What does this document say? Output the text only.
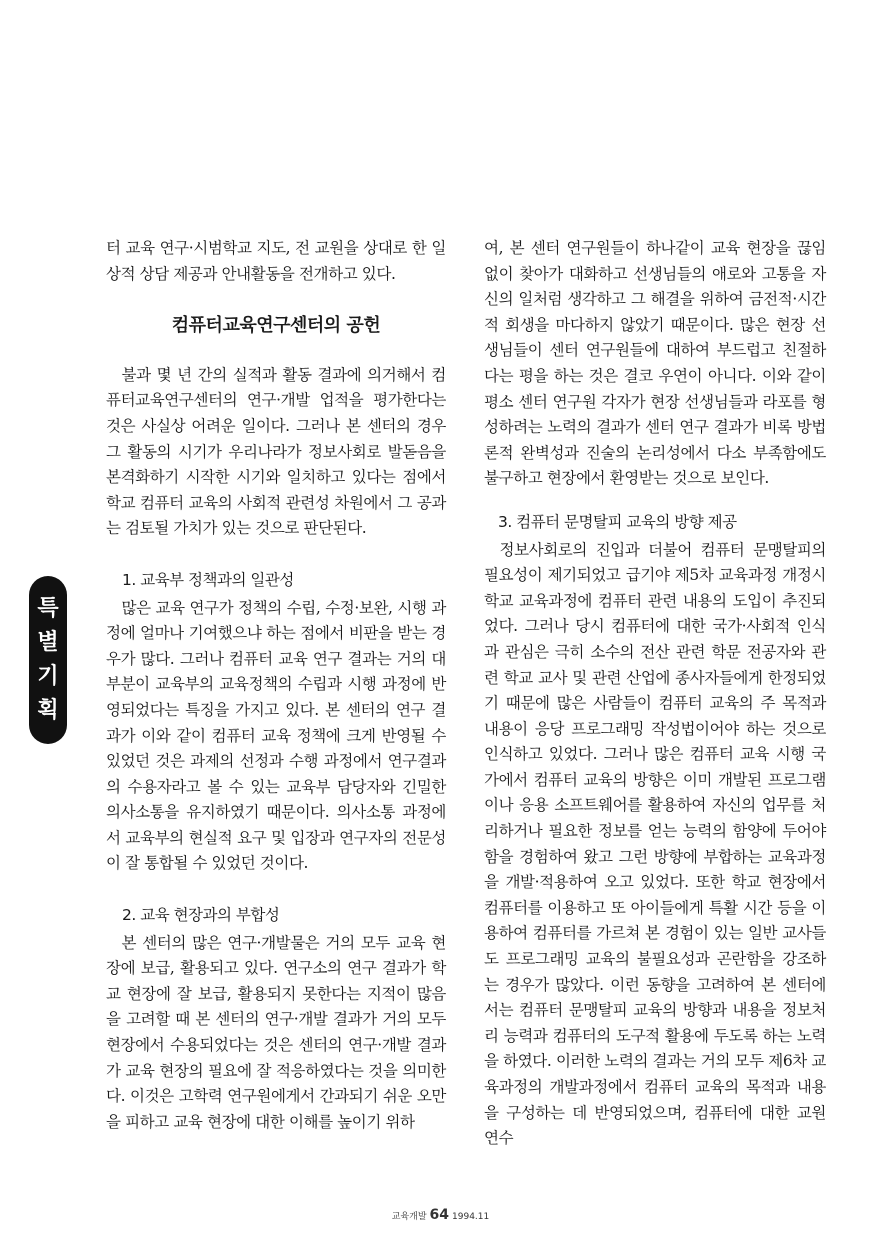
터 교육 연구·시범학교 지도, 전 교원을 상대로 한 일상적 상담 제공과 안내활동을 전개하고 있다.

컴퓨터교육연구센터의 공헌

불과 몇 년 간의 실적과 활동 결과에 의거해서 컴퓨터교육연구센터의 연구·개발 업적을 평가한다는 것은 사실상 어려운 일이다. 그러나 본 센터의 경우 그 활동의 시기가 우리나라가 정보사회로 발돋음을 본격화하기 시작한 시기와 일치하고 있다는 점에서 학교 컴퓨터 교육의 사회적 관련성 차원에서 그 공과는 검토될 가치가 있는 것으로 판단된다.

1. 교육부 정책과의 일관성

많은 교육 연구가 정책의 수립, 수정·보완, 시행 과정에 얼마나 기여했으냐 하는 점에서 비판을 받는 경우가 많다. 그러나 컴퓨터 교육 연구 결과는 거의 대부분이 교육부의 교육정책의 수립과 시행 과정에 반영되었다는 특징을 가지고 있다. 본 센터의 연구 결과가 이와 같이 컴퓨터 교육 정책에 크게 반영될 수 있었던 것은 과제의 선정과 수행 과정에서 연구결과의 수용자라고 볼 수 있는 교육부 담당자와 긴밀한 의사소통을 유지하였기 때문이다. 의사소통 과정에서 교육부의 현실적 요구 및 입장과 연구자의 전문성이 잘 통합될 수 있었던 것이다.

2. 교육 현장과의 부합성

본 센터의 많은 연구·개발물은 거의 모두 교육 현장에 보급, 활용되고 있다. 연구소의 연구 결과가 학교 현장에 잘 보급, 활용되지 못한다는 지적이 많음을 고려할 때 본 센터의 연구·개발 결과가 거의 모두 현장에서 수용되었다는 것은 센터의 연구·개발 결과가 교육 현장의 필요에 잘 적응하였다는 것을 의미한다. 이것은 고학력 연구원에게서 간과되기 쉬운 오만을 피하고 교육 현장에 대한 이해를 높이기 위하

여, 본 센터 연구원들이 하나같이 교육 현장을 끊임없이 찾아가 대화하고 선생님들의 애로와 고통을 자신의 일처럼 생각하고 그 해결을 위하여 금전적·시간적 회생을 마다하지 않았기 때문이다. 많은 현장 선생님들이 센터 연구원들에 대하여 부드럽고 친절하다는 평을 하는 것은 결코 우연이 아니다. 이와 같이 평소 센터 연구원 각자가 현장 선생님들과 라포를 형성하려는 노력의 결과가 센터 연구 결과가 비록 방법론적 완벽성과 진술의 논리성에서 다소 부족함에도 불구하고 현장에서 환영받는 것으로 보인다.

3. 컴퓨터 문명탈피 교육의 방향 제공

정보사회로의 진입과 더불어 컴퓨터 문맹탈피의 필요성이 제기되었고 급기야 제5차 교육과정 개정시 학교 교육과정에 컴퓨터 관련 내용의 도입이 추진되었다. 그러나 당시 컴퓨터에 대한 국가·사회적 인식과 관심은 극히 소수의 전산 관련 학문 전공자와 관련 학교 교사 및 관련 산업에 종사자들에게 한정되었기 때문에 많은 사람들이 컴퓨터 교육의 주 목적과 내용이 응당 프로그래밍 작성법이어야 하는 것으로 인식하고 있었다. 그러나 많은 컴퓨터 교육 시행 국가에서 컴퓨터 교육의 방향은 이미 개발된 프로그램이나 응용 소프트웨어를 활용하여 자신의 업무를 처리하거나 필요한 정보를 얻는 능력의 함양에 두어야 함을 경험하여 왔고 그런 방향에 부합하는 교육과정을 개발·적용하여 오고 있었다. 또한 학교 현장에서 컴퓨터를 이용하고 또 아이들에게 특활 시간 등을 이용하여 컴퓨터를 가르쳐 본 경험이 있는 일반 교사들도 프로그래밍 교육의 불필요성과 곤란함을 강조하는 경우가 많았다. 이런 동향을 고려하여 본 센터에서는 컴퓨터 문맹탈피 교육의 방향과 내용을 정보처리 능력과 컴퓨터의 도구적 활용에 두도록 하는 노력을 하였다. 이러한 노력의 결과는 거의 모두 제6차 교육과정의 개발과정에서 컴퓨터 교육의 목적과 내용을 구성하는 데 반영되었으며, 컴퓨터에 대한 교원 연수

특
별
기
획
교육개발 64 1994.11
